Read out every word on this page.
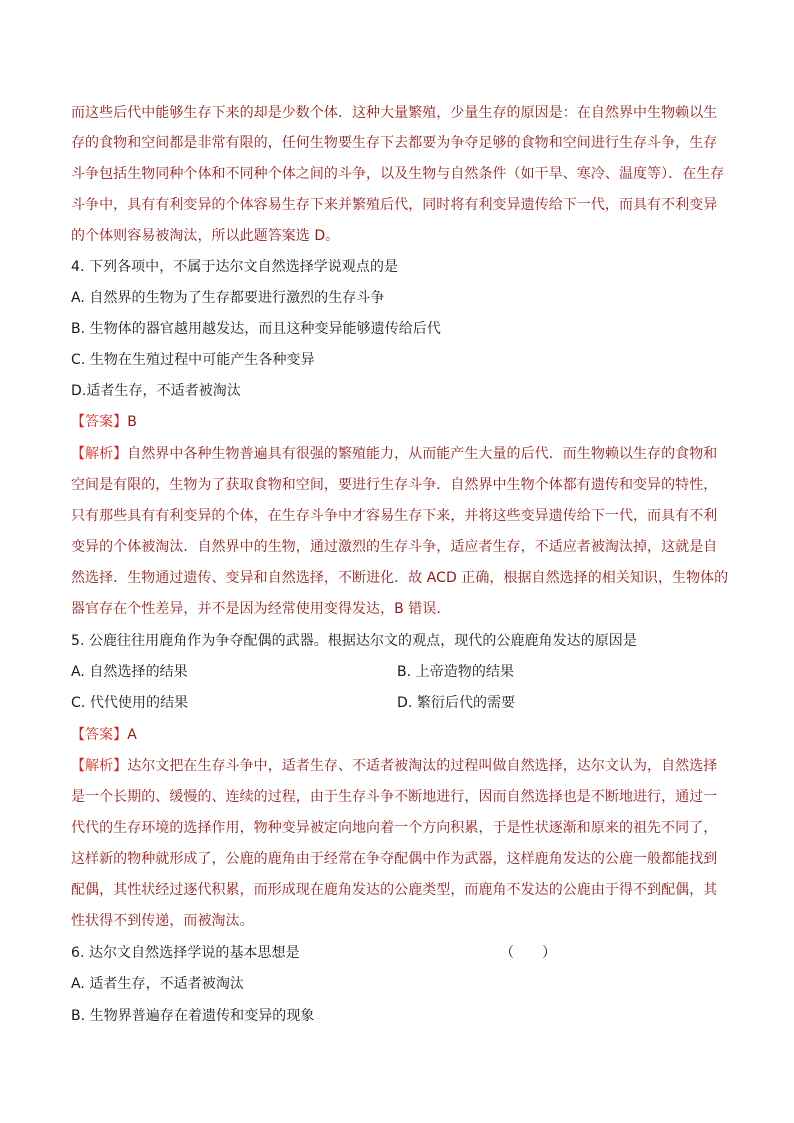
而这些后代中能够生存下来的却是少数个体．这种大量繁殖，少量生存的原因是：在自然界中生物赖以生
存的食物和空间都是非常有限的，任何生物要生存下去都要为争夺足够的食物和空间进行生存斗争，生存
斗争包括生物同种个体和不同种个体之间的斗争，以及生物与自然条件（如干旱、寒冷、温度等）．在生存
斗争中，具有有利变异的个体容易生存下来并繁殖后代，同时将有利变异遗传给下一代，而具有不利变异
的个体则容易被淘汰，所以此题答案选 D。
4. 下列各项中，不属于达尔文自然选择学说观点的是
A. 自然界的生物为了生存都要进行激烈的生存斗争
B. 生物体的器官越用越发达，而且这种变异能够遗传给后代
C. 生物在生殖过程中可能产生各种变异
D.适者生存，不适者被淘汰
【答案】B
【解析】自然界中各种生物普遍具有很强的繁殖能力，从而能产生大量的后代．而生物赖以生存的食物和
空间是有限的，生物为了获取食物和空间，要进行生存斗争．自然界中生物个体都有遗传和变异的特性，
只有那些具有有利变异的个体，在生存斗争中才容易生存下来，并将这些变异遗传给下一代，而具有不利
变异的个体被淘汰．自然界中的生物，通过激烈的生存斗争，适应者生存，不适应者被淘汰掉，这就是自
然选择．生物通过遗传、变异和自然选择，不断进化．故 ACD 正确，根据自然选择的相关知识，生物体的
器官存在个性差异，并不是因为经常使用变得发达，B 错误．
5. 公鹿往往用鹿角作为争夺配偶的武器。根据达尔文的观点，现代的公鹿鹿角发达的原因是
A. 自然选择的结果	B. 上帝造物的结果
C. 代代使用的结果	D. 繁衍后代的需要
【答案】A
【解析】达尔文把在生存斗争中，适者生存、不适者被淘汰的过程叫做自然选择，达尔文认为，自然选择
是一个长期的、缓慢的、连续的过程，由于生存斗争不断地进行，因而自然选择也是不断地进行，通过一
代代的生存环境的选择作用，物种变异被定向地向着一个方向积累，于是性状逐渐和原来的祖先不同了，
这样新的物种就形成了，公鹿的鹿角由于经常在争夺配偶中作为武器，这样鹿角发达的公鹿一般都能找到
配偶，其性状经过逐代积累，而形成现在鹿角发达的公鹿类型，而鹿角不发达的公鹿由于得不到配偶，其
性状得不到传递，而被淘汰。
6. 达尔文自然选择学说的基本思想是	（　　）
A. 适者生存，不适者被淘汰
B. 生物界普遍存在着遗传和变异的现象
